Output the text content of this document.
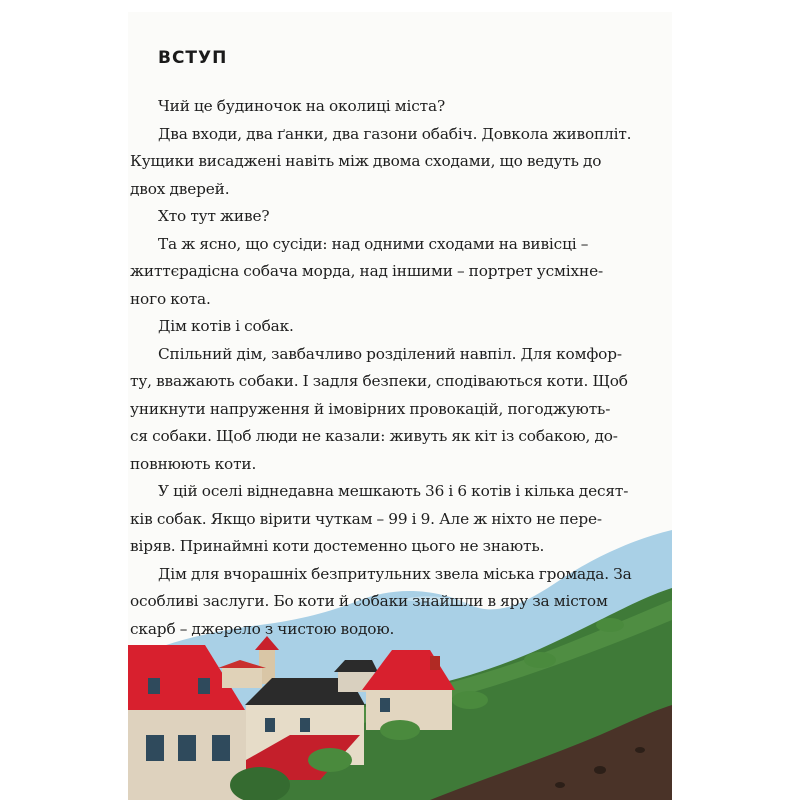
ВСТУП
Чий це будиночок на околиці міста?
Два входи, два ґанки, два газони обабіч. Довкола живопліт.
Кущики висаджені навіть між двома сходами, що ведуть до
двох дверей.
Хто тут живе?
Та ж ясно, що сусіди: над одними сходами на вивісці –
життєрадісна собача морда, над іншими – портрет усміхне-
ного кота.
Дім котів і собак.
Спільний дім, завбачливо розділений навпіл. Для комфор-
ту, вважають собаки. І задля безпеки, сподіваються коти. Щоб
уникнути напруження й імовірних провокацій, погоджують-
ся собаки. Щоб люди не казали: живуть як кіт із собакою, до-
повнюють коти.
У цій оселі віднедавна мешкають 36 і 6 котів і кілька десят-
ків собак. Якщо вірити чуткам – 99 і 9. Але ж ніхто не пере-
віряв. Принаймні коти достеменно цього не знають.
Дім для вчорашніх безпритульних звела міська громада. За
особливі заслуги. Бо коти й собаки знайшли в яру за містом
скарб – джерело з чистою водою.
